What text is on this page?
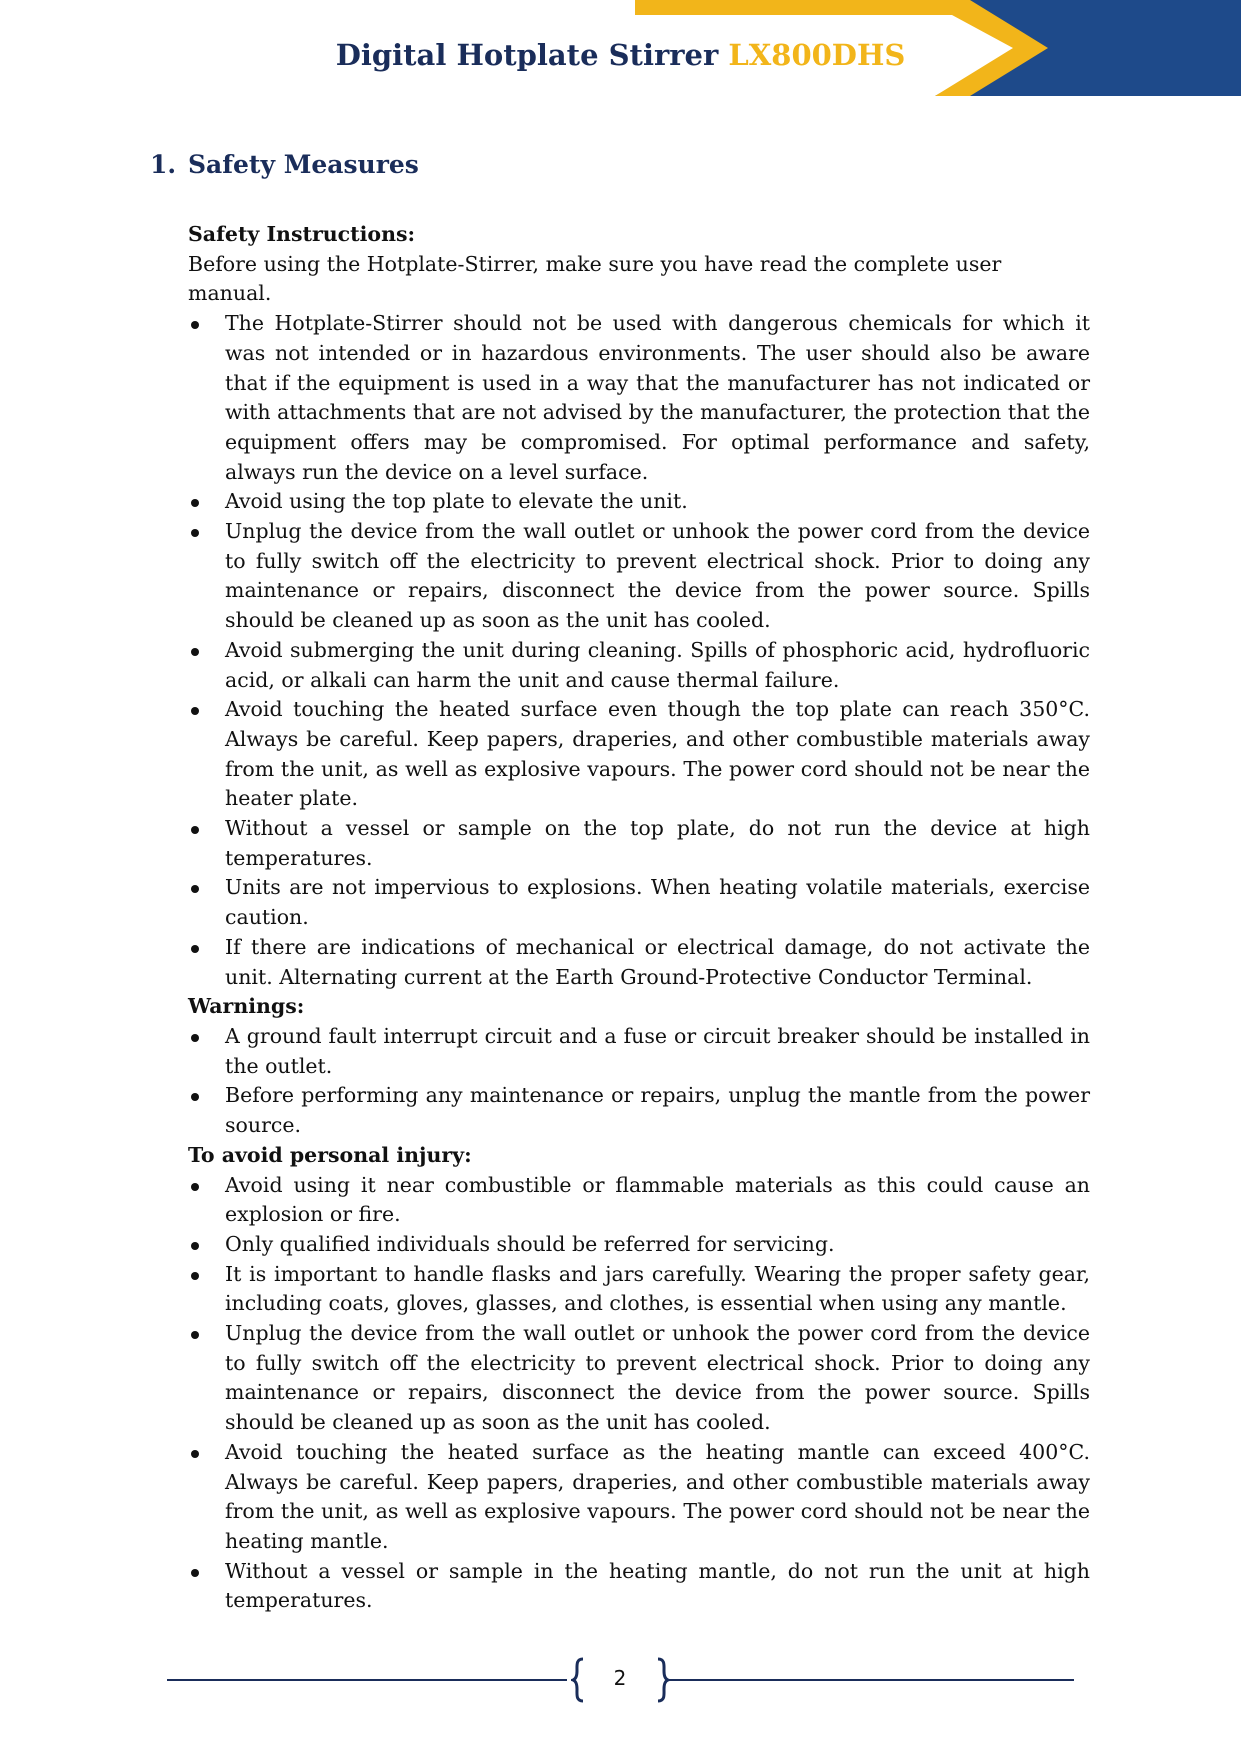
Digital Hotplate Stirrer LX800DHS
1. Safety Measures
Safety Instructions:
Before using the Hotplate-Stirrer, make sure you have read the complete user manual.
The Hotplate-Stirrer should not be used with dangerous chemicals for which it was not intended or in hazardous environments. The user should also be aware that if the equipment is used in a way that the manufacturer has not indicated or with attachments that are not advised by the manufacturer, the protection that the equipment offers may be compromised. For optimal performance and safety, always run the device on a level surface.
Avoid using the top plate to elevate the unit.
Unplug the device from the wall outlet or unhook the power cord from the device to fully switch off the electricity to prevent electrical shock. Prior to doing any maintenance or repairs, disconnect the device from the power source. Spills should be cleaned up as soon as the unit has cooled.
Avoid submerging the unit during cleaning. Spills of phosphoric acid, hydrofluoric acid, or alkali can harm the unit and cause thermal failure.
Avoid touching the heated surface even though the top plate can reach 350°C. Always be careful. Keep papers, draperies, and other combustible materials away from the unit, as well as explosive vapours. The power cord should not be near the heater plate.
Without a vessel or sample on the top plate, do not run the device at high temperatures.
Units are not impervious to explosions. When heating volatile materials, exercise caution.
If there are indications of mechanical or electrical damage, do not activate the unit. Alternating current at the Earth Ground-Protective Conductor Terminal.
Warnings:
A ground fault interrupt circuit and a fuse or circuit breaker should be installed in the outlet.
Before performing any maintenance or repairs, unplug the mantle from the power source.
To avoid personal injury:
Avoid using it near combustible or flammable materials as this could cause an explosion or fire.
Only qualified individuals should be referred for servicing.
It is important to handle flasks and jars carefully. Wearing the proper safety gear, including coats, gloves, glasses, and clothes, is essential when using any mantle.
Unplug the device from the wall outlet or unhook the power cord from the device to fully switch off the electricity to prevent electrical shock. Prior to doing any maintenance or repairs, disconnect the device from the power source. Spills should be cleaned up as soon as the unit has cooled.
Avoid touching the heated surface as the heating mantle can exceed 400°C. Always be careful. Keep papers, draperies, and other combustible materials away from the unit, as well as explosive vapours. The power cord should not be near the heating mantle.
Without a vessel or sample in the heating mantle, do not run the unit at high temperatures.
2
